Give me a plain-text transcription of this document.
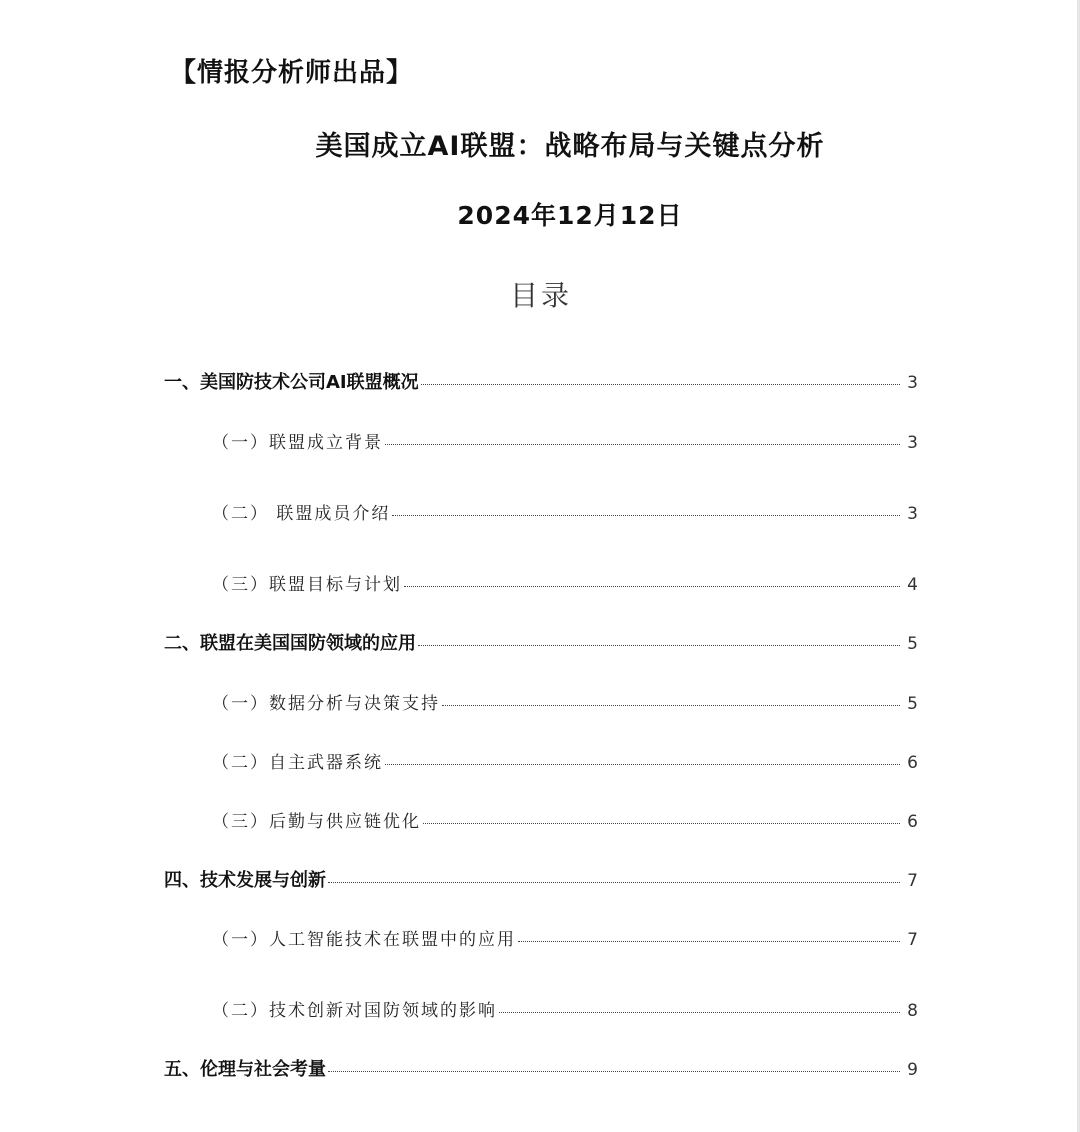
【情报分析师出品】
美国成立AI联盟：战略布局与关键点分析
2024年12月12日
目录
一、美国防技术公司AI联盟概况	3
（一）联盟成立背景	3
（二） 联盟成员介绍	3
（三）联盟目标与计划	4
二、联盟在美国国防领域的应用	5
（一）数据分析与决策支持	5
（二）自主武器系统	6
（三）后勤与供应链优化	6
四、技术发展与创新	7
（一）人工智能技术在联盟中的应用	7
（二）技术创新对国防领域的影响	8
五、伦理与社会考量	9
